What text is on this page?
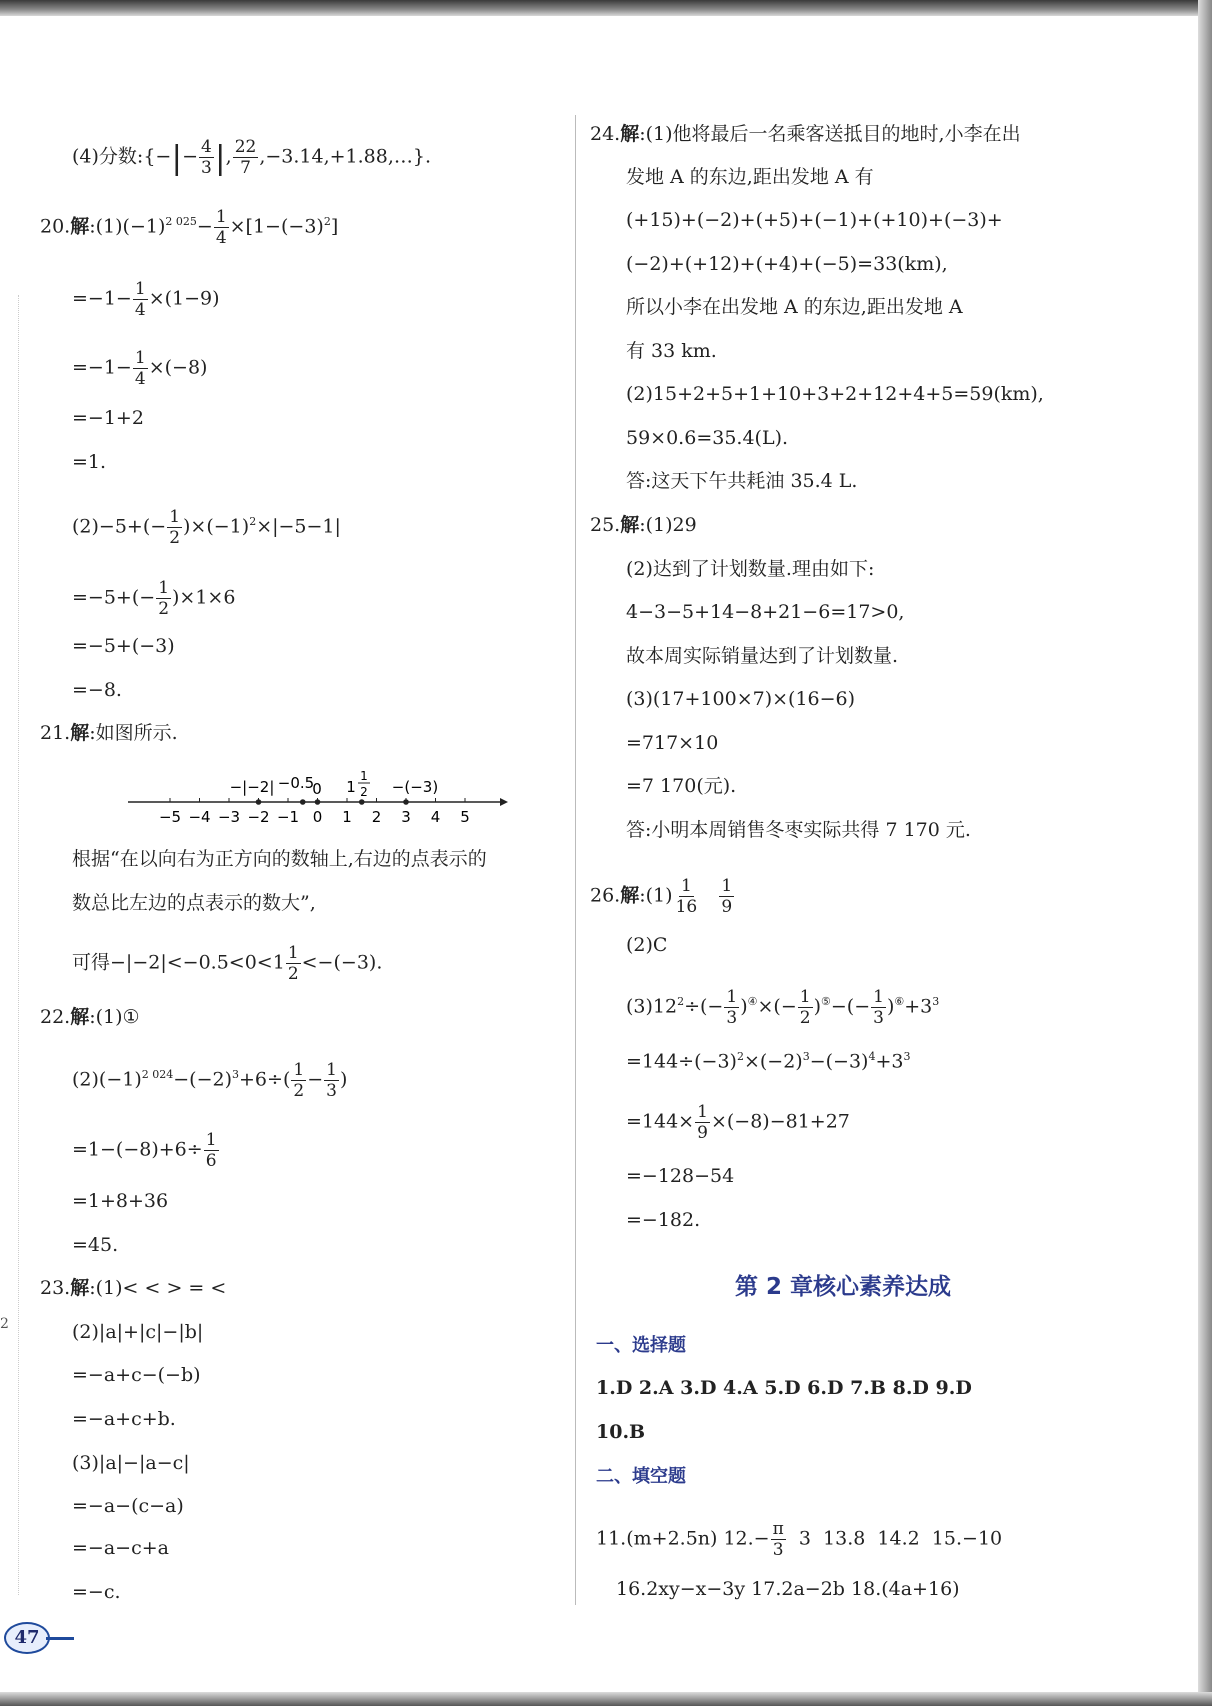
2
(4)分数:{−|− $\frac{4}{3}$ |, $\frac{22}{7}$ ,−3.14,+1.88,…}.
20.解$:(1)(-1)^{2 025}- \frac{1}{4} \times[1-(-3)^2]$
$=-1- \frac{1}{4} \times(1-9)$
$=-1- \frac{1}{4} \times(-8)$
=−1+2
=1.
$(2)-5+(- \frac{1}{2} )\times(-1)^2\times|-5-1|$
$=-5+(- \frac{1}{2} )\times 1\times 6$
=−5+(−3)
=−8.
21.解:如图所示.
−5 −4 −3 −2 −1 0 1 2 3 4 5
−|−2| −0.5
0 1
1
2 −(−3)
根据“在以向右为正方向的数轴上,右边的点表示的
数总比左边的点表示的数大”,
可得$-|-2|<-0.5<0<1 \frac{1}{2} <-(-3)$.
22.解:(1)①
$(2)(-1)^{2 024}-(-2)^3+6\div( \frac{1}{2} - \frac{1}{3}$ )
$=1-(-8)+6\div \frac{1}{6}$
=1+8+36
=45.
23.解:(1)< < > = <
(2)|a|+|c|−|b|
=−a+c−(−b)
=−a+c+b.
(3)|a|−|a−c|
=−a−(c−a)
=−a−c+a
=−c.
24.解:(1)他将最后一名乘客送抵目的地时,小李在出
发地 A 的东边,距出发地 A 有
(+15)+(−2)+(+5)+(−1)+(+10)+(−3)+
(−2)+(+12)+(+4)+(−5)=33(km),
所以小李在出发地 A 的东边,距出发地 A
有 33 km.
(2)15+2+5+1+10+3+2+12+4+5=59(km),
59×0.6=35.4(L).
答:这天下午共耗油 35.4 L.
25.解:(1)29
(2)达到了计划数量.理由如下:
4−3−5+14−8+21−6=17>0,
故本周实际销量达到了计划数量.
(3)(17+100×7)×(16−6)
=717×10
=7 170(元).
答:小明本周销售冬枣实际共得 7 170 元.
26.解:(1) $\frac{1}{16}$
$\frac{1}{9}$
(2)C
$(3)12^2\div(- \frac{1}{3} )^④\times(- \frac{1}{2} )^⑤-(- \frac{1}{3} )^⑥+3^3$
$=144\div(-3)^2\times(-2)^3-(-3)^4+3^3$
$=144\times \frac{1}{9} \times(-8)-81+27$
=−128−54
=−182.
第 2 章核心素养达成
一、选择题
1.D 2.A 3.D 4.A 5.D 6.D 7.B 8.D 9.D
10.B
二、填空题
11.(m+2.5n) $12.- \frac{\pi}{3} 3$  13.8  14.2  15.−10
16.2xy−x−3y 17.2a−2b 18.(4a+16)
47
